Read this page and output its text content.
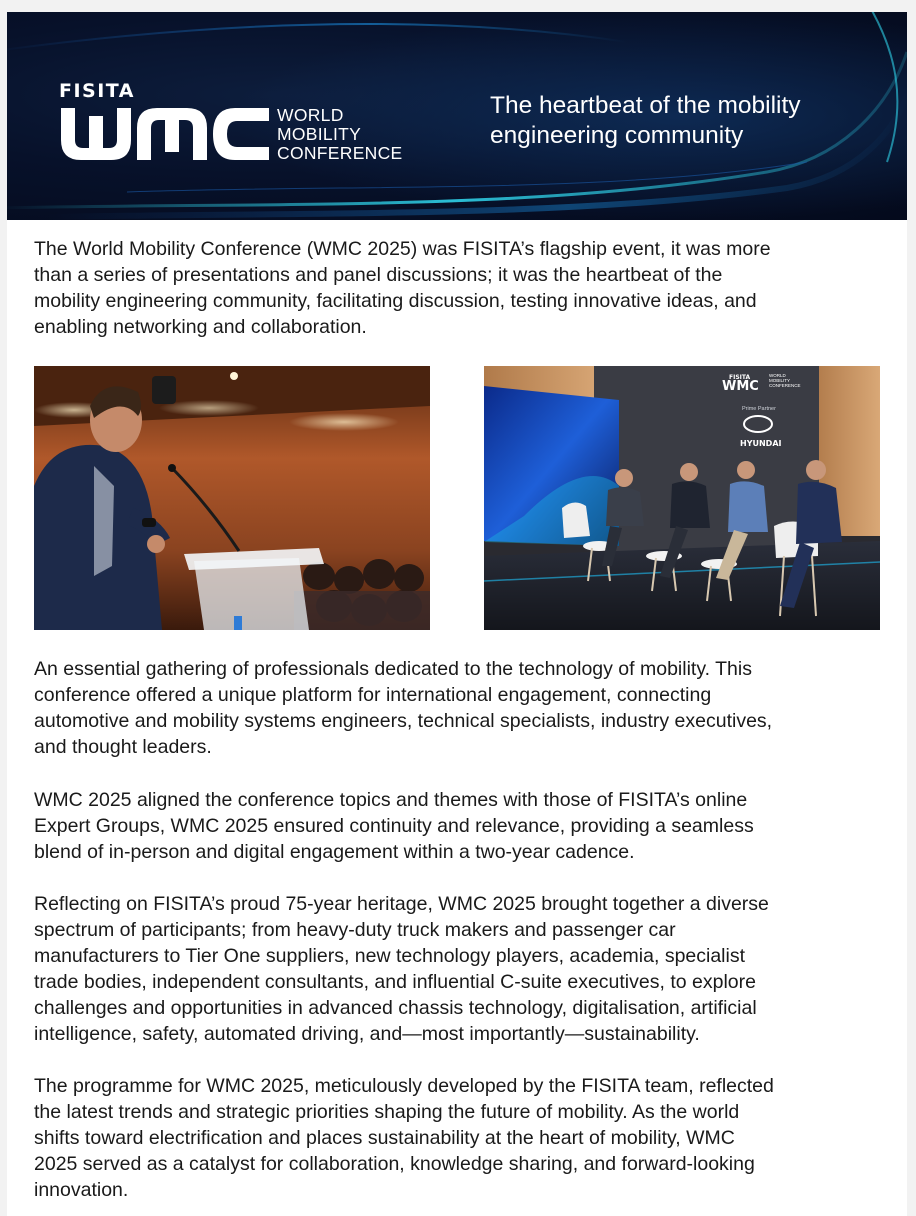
FISITA
WORLD
MOBILITY
CONFERENCE
The heartbeat of the mobility
engineering community
The World Mobility Conference (WMC 2025) was FISITA’s flagship event, it was more
than a series of presentations and panel discussions; it was the heartbeat of the
mobility engineering community, facilitating discussion, testing innovative ideas, and
enabling networking and collaboration.
FISITA
WMC
WORLD
MOBILITY
CONFERENCE
Prime Partner
HYUNDAI
An essential gathering of professionals dedicated to the technology of mobility. This
conference offered a unique platform for international engagement, connecting
automotive and mobility systems engineers, technical specialists, industry executives,
and thought leaders.
WMC 2025 aligned the conference topics and themes with those of FISITA’s online
Expert Groups, WMC 2025 ensured continuity and relevance, providing a seamless
blend of in-person and digital engagement within a two-year cadence.
Reflecting on FISITA’s proud 75-year heritage, WMC 2025 brought together a diverse
spectrum of participants; from heavy-duty truck makers and passenger car
manufacturers to Tier One suppliers, new technology players, academia, specialist
trade bodies, independent consultants, and influential C-suite executives, to explore
challenges and opportunities in advanced chassis technology, digitalisation, artificial
intelligence, safety, automated driving, and—most importantly—sustainability.
The programme for WMC 2025, meticulously developed by the FISITA team, reflected
the latest trends and strategic priorities shaping the future of mobility. As the world
shifts toward electrification and places sustainability at the heart of mobility, WMC
2025 served as a catalyst for collaboration, knowledge sharing, and forward-looking
innovation.
